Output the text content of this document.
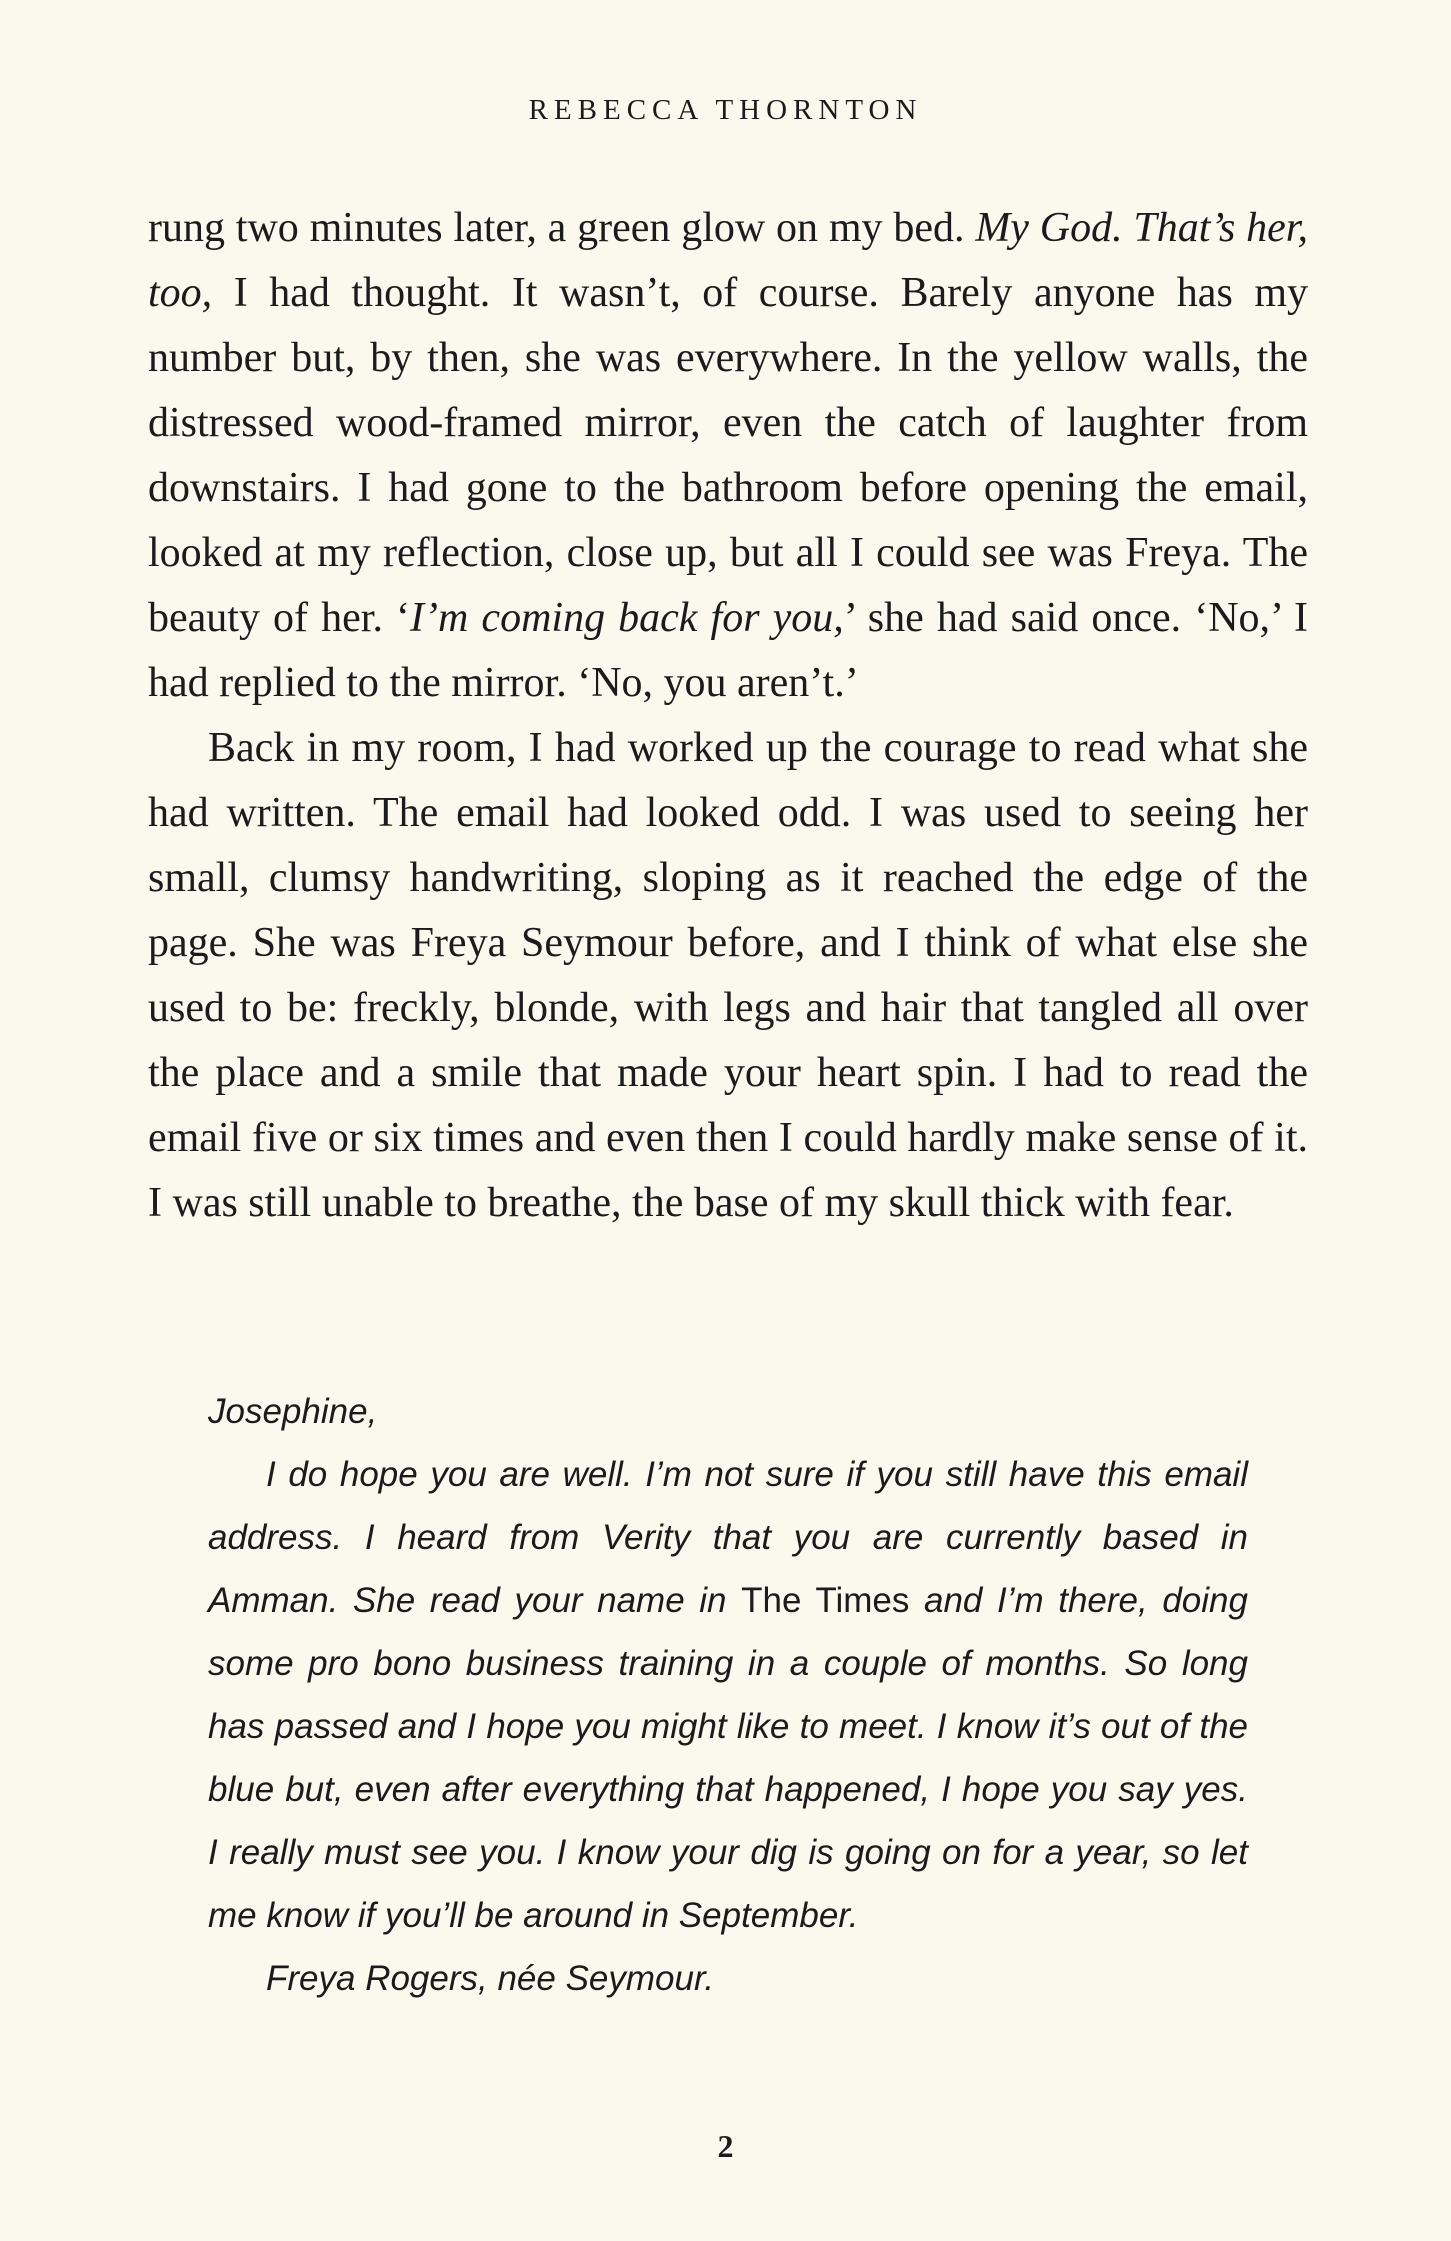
REBECCA THORNTON

rung two minutes later, a green glow on my bed. My God. That’s her, too, I had thought. It wasn’t, of course. Barely anyone has my number but, by then, she was everywhere. In the yellow walls, the distressed wood-framed mirror, even the catch of laughter from downstairs. I had gone to the bathroom before opening the email, looked at my reflection, close up, but all I could see was Freya. The beauty of her. ‘I’m coming back for you,’ she had said once. ‘No,’ I had replied to the mirror. ‘No, you aren’t.’

Back in my room, I had worked up the courage to read what she had written. The email had looked odd. I was used to seeing her small, clumsy handwriting, sloping as it reached the edge of the page. She was Freya Seymour before, and I think of what else she used to be: freckly, blonde, with legs and hair that tangled all over the place and a smile that made your heart spin. I had to read the email five or six times and even then I could hardly make sense of it. I was still unable to breathe, the base of my skull thick with fear.

Josephine,

I do hope you are well. I’m not sure if you still have this email address. I heard from Verity that you are currently based in Amman. She read your name in The Times and I’m there, doing some pro bono business training in a couple of months. So long has passed and I hope you might like to meet. I know it’s out of the blue but, even after everything that happened, I hope you say yes. I really must see you. I know your dig is going on for a year, so let me know if you’ll be around in September.

Freya Rogers, née Seymour.

2
